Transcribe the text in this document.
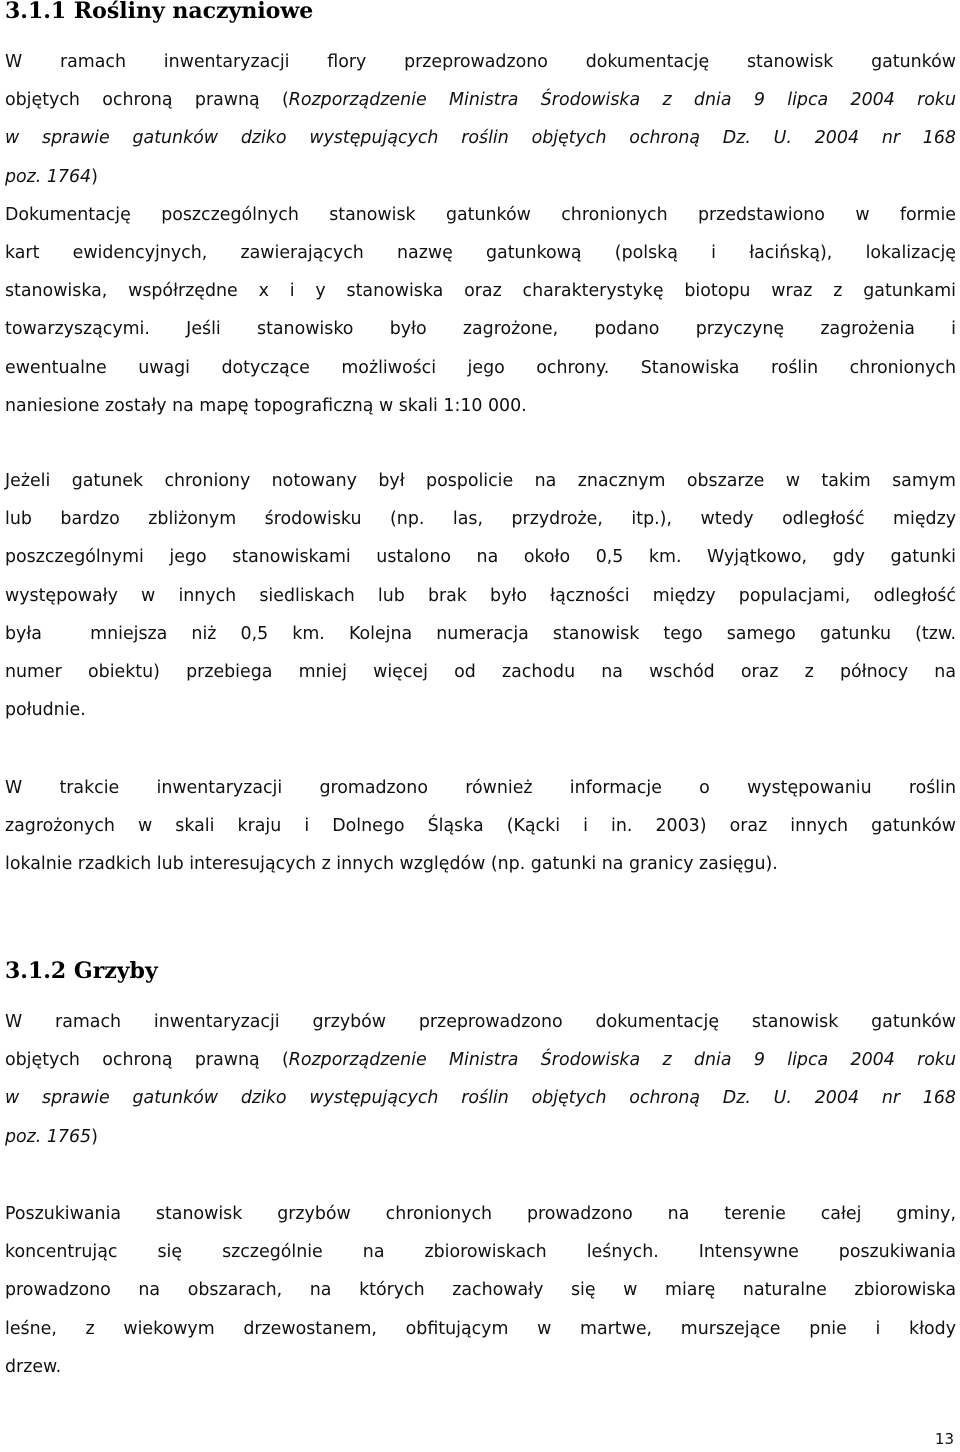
3.1.1 Rośliny naczyniowe

W ramach inwentaryzacji flory przeprowadzono dokumentację stanowisk gatunków
objętych ochroną prawną (Rozporządzenie Ministra Środowiska z dnia 9 lipca 2004 roku
w sprawie gatunków dziko występujących roślin objętych ochroną Dz. U. 2004 nr 168
poz. 1764)
Dokumentację poszczególnych stanowisk gatunków chronionych przedstawiono w formie
kart ewidencyjnych, zawierających nazwę gatunkową (polską i łacińską), lokalizację
stanowiska, współrzędne x i y stanowiska oraz charakterystykę biotopu wraz z gatunkami
towarzyszącymi. Jeśli stanowisko było zagrożone, podano przyczynę zagrożenia i
ewentualne uwagi dotyczące możliwości jego ochrony. Stanowiska roślin chronionych
naniesione zostały na mapę topograficzną w skali 1:10 000.

Jeżeli gatunek chroniony notowany był pospolicie na znacznym obszarze w takim samym
lub bardzo zbliżonym środowisku (np. las, przydroże, itp.), wtedy odległość między
poszczególnymi jego stanowiskami ustalono na około 0,5 km. Wyjątkowo, gdy gatunki
występowały w innych siedliskach lub brak było łączności między populacjami, odległość
była  mniejsza niż 0,5 km. Kolejna numeracja stanowisk tego samego gatunku (tzw.
numer obiektu) przebiega mniej więcej od zachodu na wschód oraz z północy na
południe.

W trakcie inwentaryzacji gromadzono również informacje o występowaniu roślin
zagrożonych w skali kraju i Dolnego Śląska (Kącki i in. 2003) oraz innych gatunków
lokalnie rzadkich lub interesujących z innych względów (np. gatunki na granicy zasięgu).

3.1.2 Grzyby

W ramach inwentaryzacji grzybów przeprowadzono dokumentację stanowisk gatunków
objętych ochroną prawną (Rozporządzenie Ministra Środowiska z dnia 9 lipca 2004 roku
w sprawie gatunków dziko występujących roślin objętych ochroną Dz. U. 2004 nr 168
poz. 1765)

Poszukiwania stanowisk grzybów chronionych prowadzono na terenie całej gminy,
koncentrując się szczególnie na zbiorowiskach leśnych. Intensywne poszukiwania
prowadzono na obszarach, na których zachowały się w miarę naturalne zbiorowiska
leśne, z wiekowym drzewostanem, obfitującym w martwe, murszejące pnie i kłody
drzew.

13
